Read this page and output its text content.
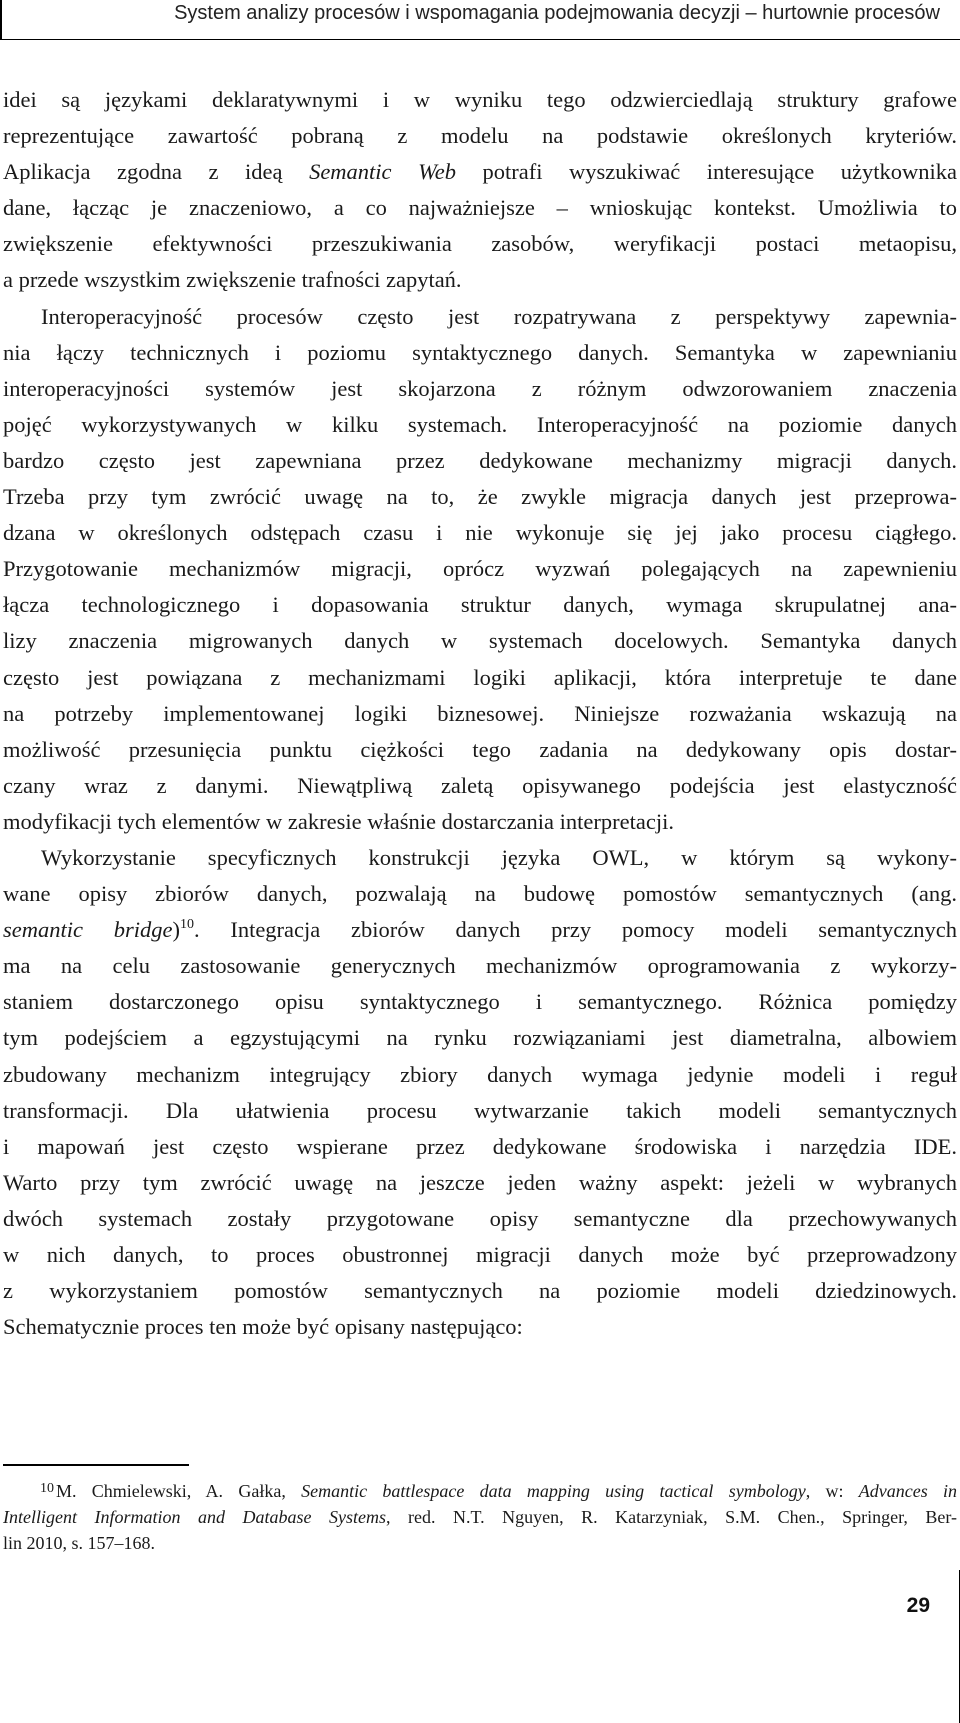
System analizy procesów i wspomagania podejmowania decyzji – hurtownie procesów
idei są językami deklaratywnymi i w wyniku tego odzwierciedlają struktury grafowe
reprezentujące zawartość pobraną z modelu na podstawie określonych kryteriów.
Aplikacja zgodna z ideą Semantic Web potrafi wyszukiwać interesujące użytkownika
dane, łącząc je znaczeniowo, a co najważniejsze – wnioskując kontekst. Umożliwia to
zwiększenie efektywności przeszukiwania zasobów, weryfikacji postaci metaopisu,
a przede wszystkim zwiększenie trafności zapytań.
Interoperacyjność procesów często jest rozpatrywana z perspektywy zapewnia-
nia łączy technicznych i poziomu syntaktycznego danych. Semantyka w zapewnianiu
interoperacyjności systemów jest skojarzona z różnym odwzorowaniem znaczenia
pojęć wykorzystywanych w kilku systemach. Interoperacyjność na poziomie danych
bardzo często jest zapewniana przez dedykowane mechanizmy migracji danych.
Trzeba przy tym zwrócić uwagę na to, że zwykle migracja danych jest przeprowa-
dzana w określonych odstępach czasu i nie wykonuje się jej jako procesu ciągłego.
Przygotowanie mechanizmów migracji, oprócz wyzwań polegających na zapewnieniu
łącza technologicznego i dopasowania struktur danych, wymaga skrupulatnej ana-
lizy znaczenia migrowanych danych w systemach docelowych. Semantyka danych
często jest powiązana z mechanizmami logiki aplikacji, która interpretuje te dane
na potrzeby implementowanej logiki biznesowej. Niniejsze rozważania wskazują na
możliwość przesunięcia punktu ciężkości tego zadania na dedykowany opis dostar-
czany wraz z danymi. Niewątpliwą zaletą opisywanego podejścia jest elastyczność
modyfikacji tych elementów w zakresie właśnie dostarczania interpretacji.
Wykorzystanie specyficznych konstrukcji języka OWL, w którym są wykony-
wane opisy zbiorów danych, pozwalają na budowę pomostów semantycznych (ang.
semantic bridge)$^{10}$. Integracja zbiorów danych przy pomocy modeli semantycznych
ma na celu zastosowanie generycznych mechanizmów oprogramowania z wykorzy-
staniem dostarczonego opisu syntaktycznego i semantycznego. Różnica pomiędzy
tym podejściem a egzystującymi na rynku rozwiązaniami jest diametralna, albowiem
zbudowany mechanizm integrujący zbiory danych wymaga jedynie modeli i reguł
transformacji. Dla ułatwienia procesu wytwarzanie takich modeli semantycznych
i mapowań jest często wspierane przez dedykowane środowiska i narzędzia IDE.
Warto przy tym zwrócić uwagę na jeszcze jeden ważny aspekt: jeżeli w wybranych
dwóch systemach zostały przygotowane opisy semantyczne dla przechowywanych
w nich danych, to proces obustronnej migracji danych może być przeprowadzony
z wykorzystaniem pomostów semantycznych na poziomie modeli dziedzinowych.
Schematycznie proces ten może być opisany następująco:
$^{10}$ M. Chmielewski, A. Gałka, Semantic battlespace data mapping using tactical symbology, w: Advances in
Intelligent Information and Database Systems, red. N.T. Nguyen, R. Katarzyniak, S.M. Chen., Springer, Ber-
lin 2010, s. 157–168.
29
